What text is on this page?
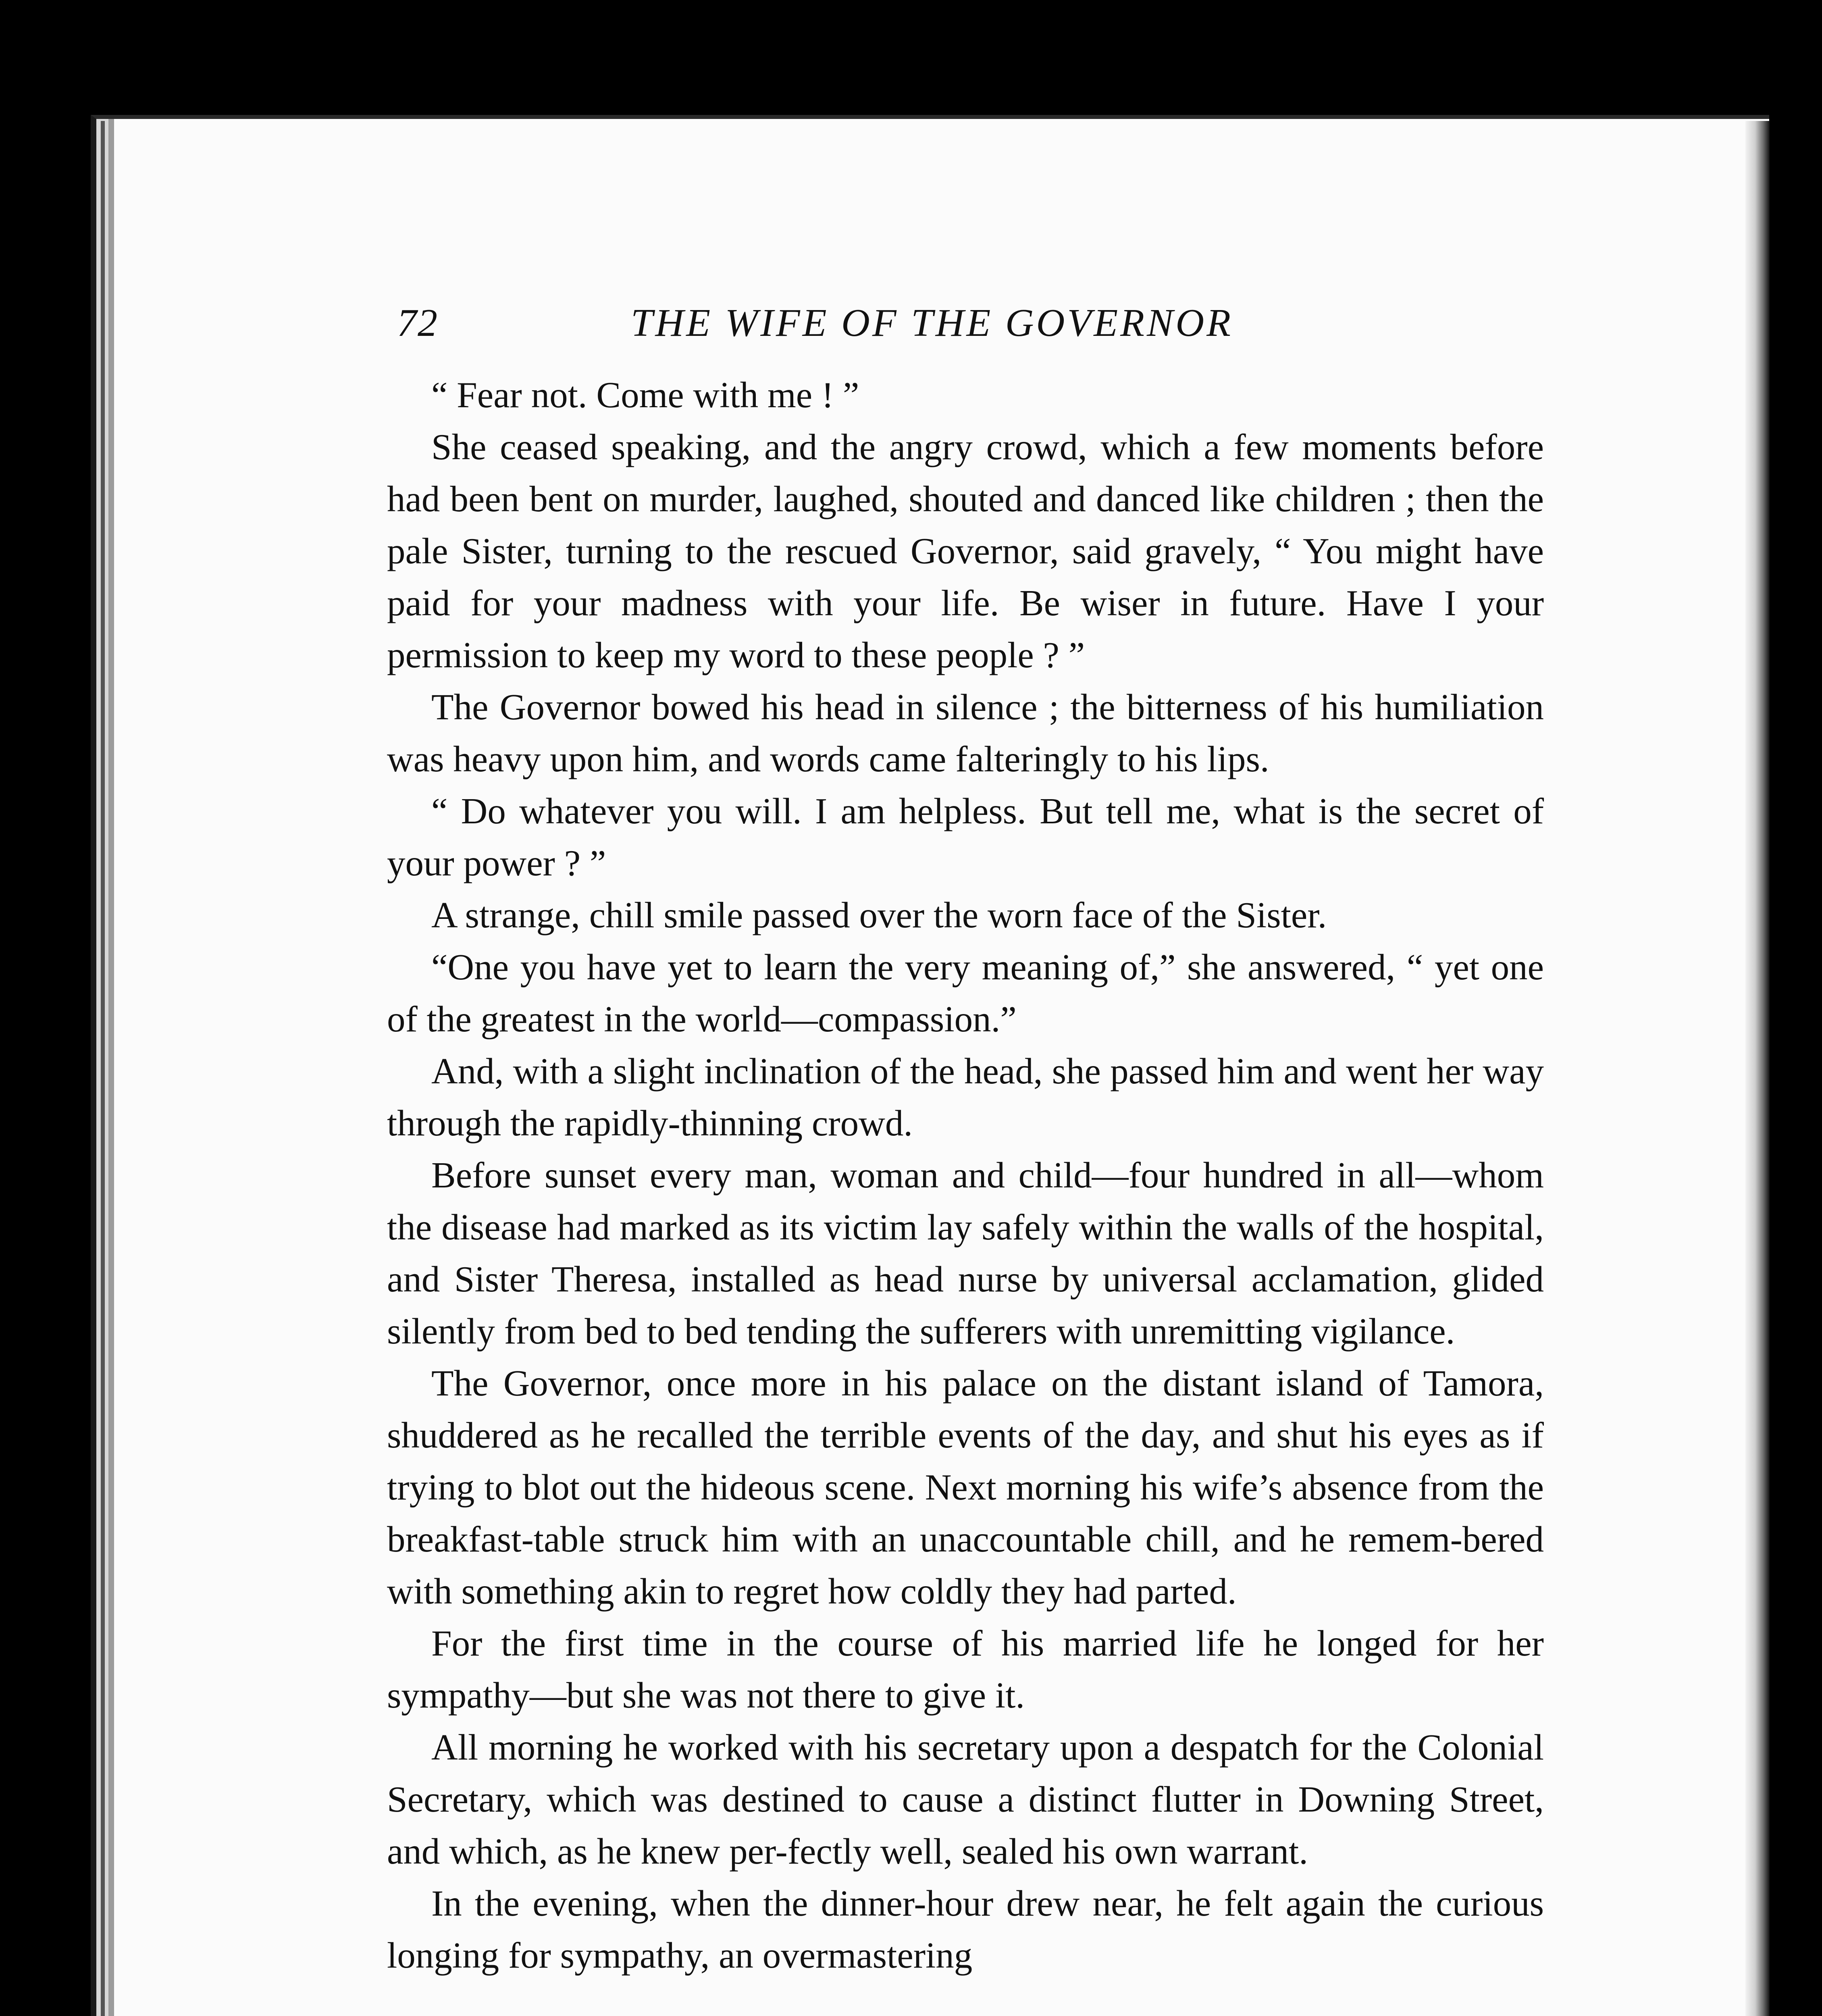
72	THE WIFE OF THE GOVERNOR

“ Fear not. Come with me ! ”

She ceased speaking, and the angry crowd, which a few moments before had been bent on murder, laughed, shouted and danced like children ; then the pale Sister, turning to the rescued Governor, said gravely, “ You might have paid for your madness with your life. Be wiser in future. Have I your permission to keep my word to these people ? ”

The Governor bowed his head in silence ; the bitterness of his humiliation was heavy upon him, and words came falteringly to his lips.

“ Do whatever you will. I am helpless. But tell me, what is the secret of your power ? ”

A strange, chill smile passed over the worn face of the Sister.

“One you have yet to learn the very meaning of,” she answered, “ yet one of the greatest in the world—compassion.”

And, with a slight inclination of the head, she passed him and went her way through the rapidly-thinning crowd.

Before sunset every man, woman and child—four hundred in all—whom the disease had marked as its victim lay safely within the walls of the hospital, and Sister Theresa, installed as head nurse by universal acclamation, glided silently from bed to bed tending the sufferers with unremitting vigilance.

The Governor, once more in his palace on the distant island of Tamora, shuddered as he recalled the terrible events of the day, and shut his eyes as if trying to blot out the hideous scene. Next morning his wife’s absence from the breakfast-table struck him with an unaccountable chill, and he remem-bered with something akin to regret how coldly they had parted.

For the first time in the course of his married life he longed for her sympathy—but she was not there to give it.

All morning he worked with his secretary upon a despatch for the Colonial Secretary, which was destined to cause a distinct flutter in Downing Street, and which, as he knew per-fectly well, sealed his own warrant.

In the evening, when the dinner-hour drew near, he felt again the curious longing for sympathy, an overmastering
